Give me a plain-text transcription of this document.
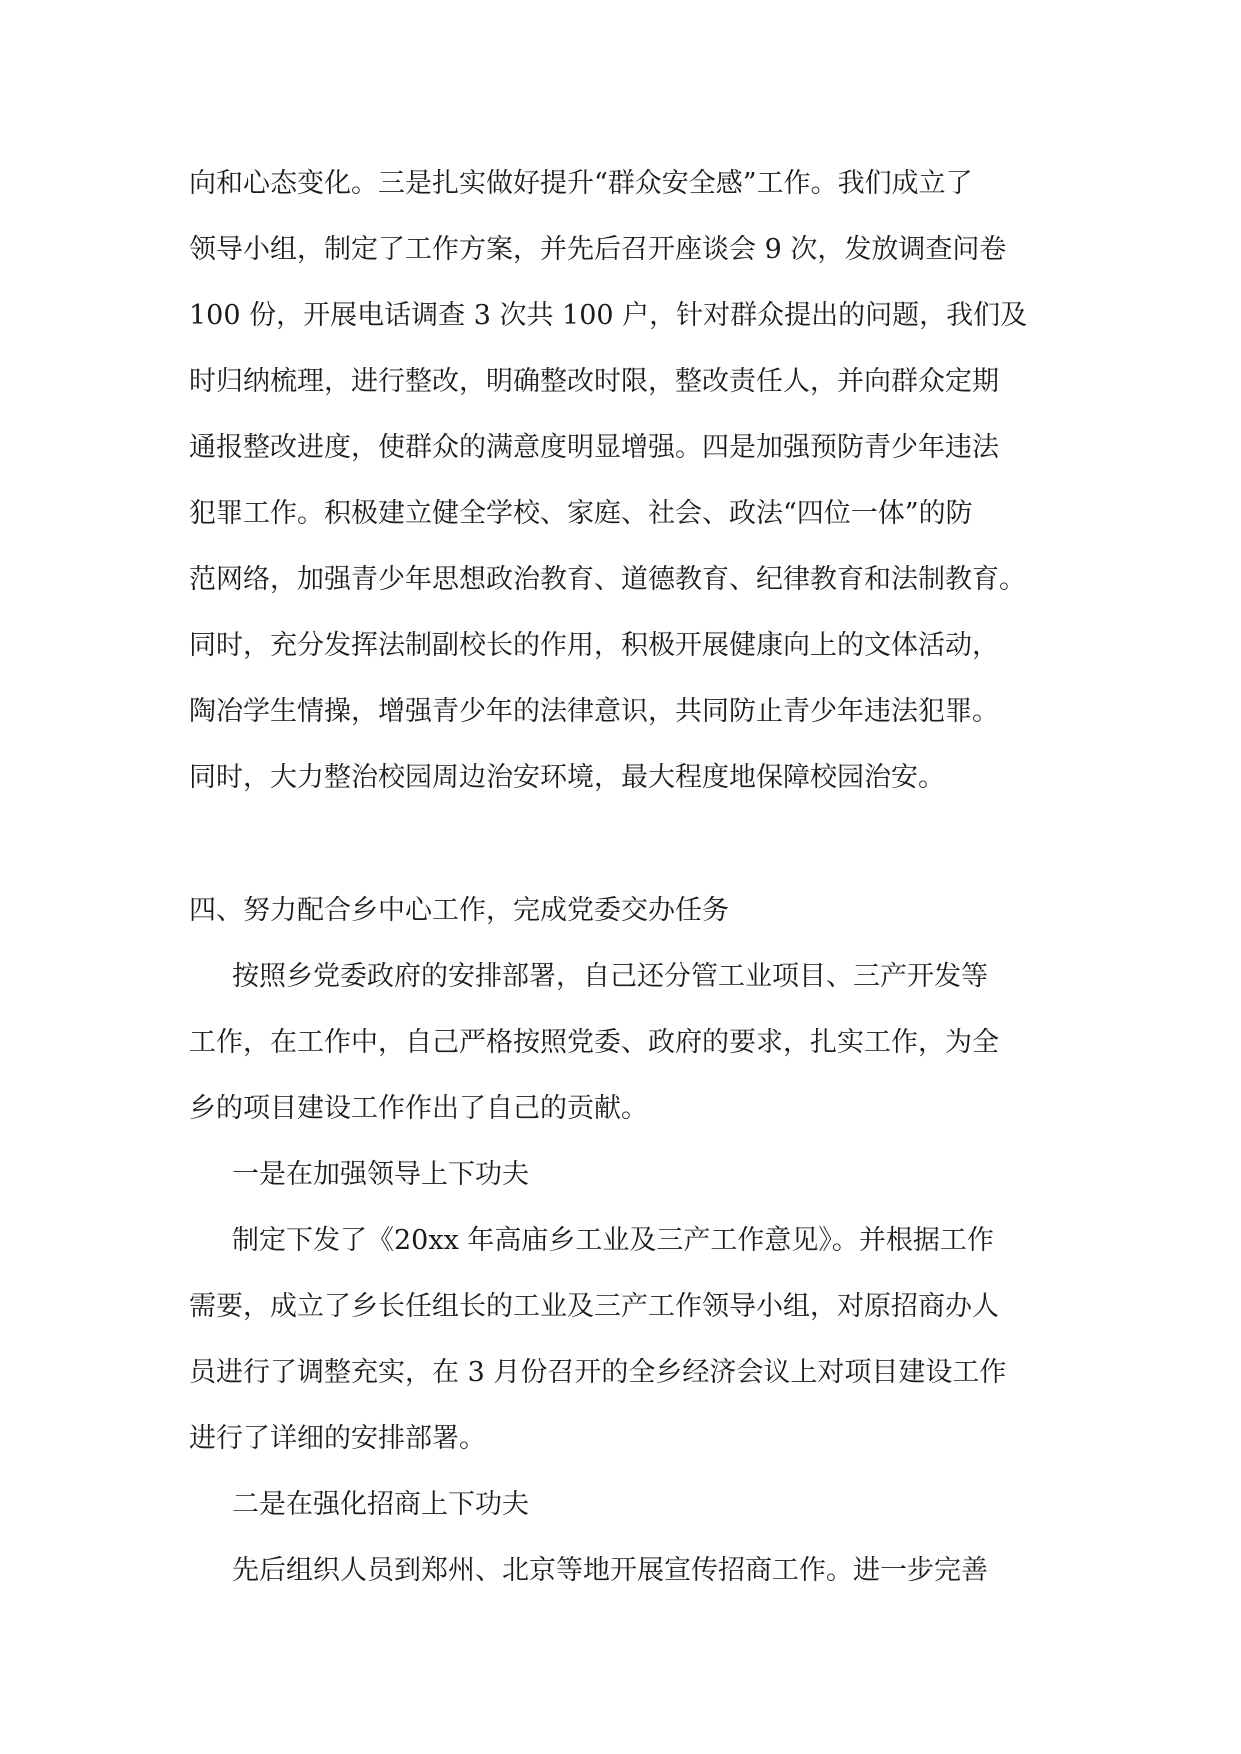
向和心态变化。三是扎实做好提升“群众安全感”工作。我们成立了
领导小组，制定了工作方案，并先后召开座谈会 9 次，发放调查问卷
100 份，开展电话调查 3 次共 100 户，针对群众提出的问题，我们及
时归纳梳理，进行整改，明确整改时限，整改责任人，并向群众定期
通报整改进度，使群众的满意度明显增强。四是加强预防青少年违法
犯罪工作。积极建立健全学校、家庭、社会、政法“四位一体”的防
范网络，加强青少年思想政治教育、道德教育、纪律教育和法制教育。
同时，充分发挥法制副校长的作用，积极开展健康向上的文体活动，
陶冶学生情操，增强青少年的法律意识，共同防止青少年违法犯罪。
同时，大力整治校园周边治安环境，最大程度地保障校园治安。
四、努力配合乡中心工作，完成党委交办任务
按照乡党委政府的安排部署，自己还分管工业项目、三产开发等
工作，在工作中，自己严格按照党委、政府的要求，扎实工作，为全
乡的项目建设工作作出了自己的贡献。
一是在加强领导上下功夫
制定下发了《20xx 年高庙乡工业及三产工作意见》。并根据工作
需要，成立了乡长任组长的工业及三产工作领导小组，对原招商办人
员进行了调整充实，在 3 月份召开的全乡经济会议上对项目建设工作
进行了详细的安排部署。
二是在强化招商上下功夫
先后组织人员到郑州、北京等地开展宣传招商工作。进一步完善
